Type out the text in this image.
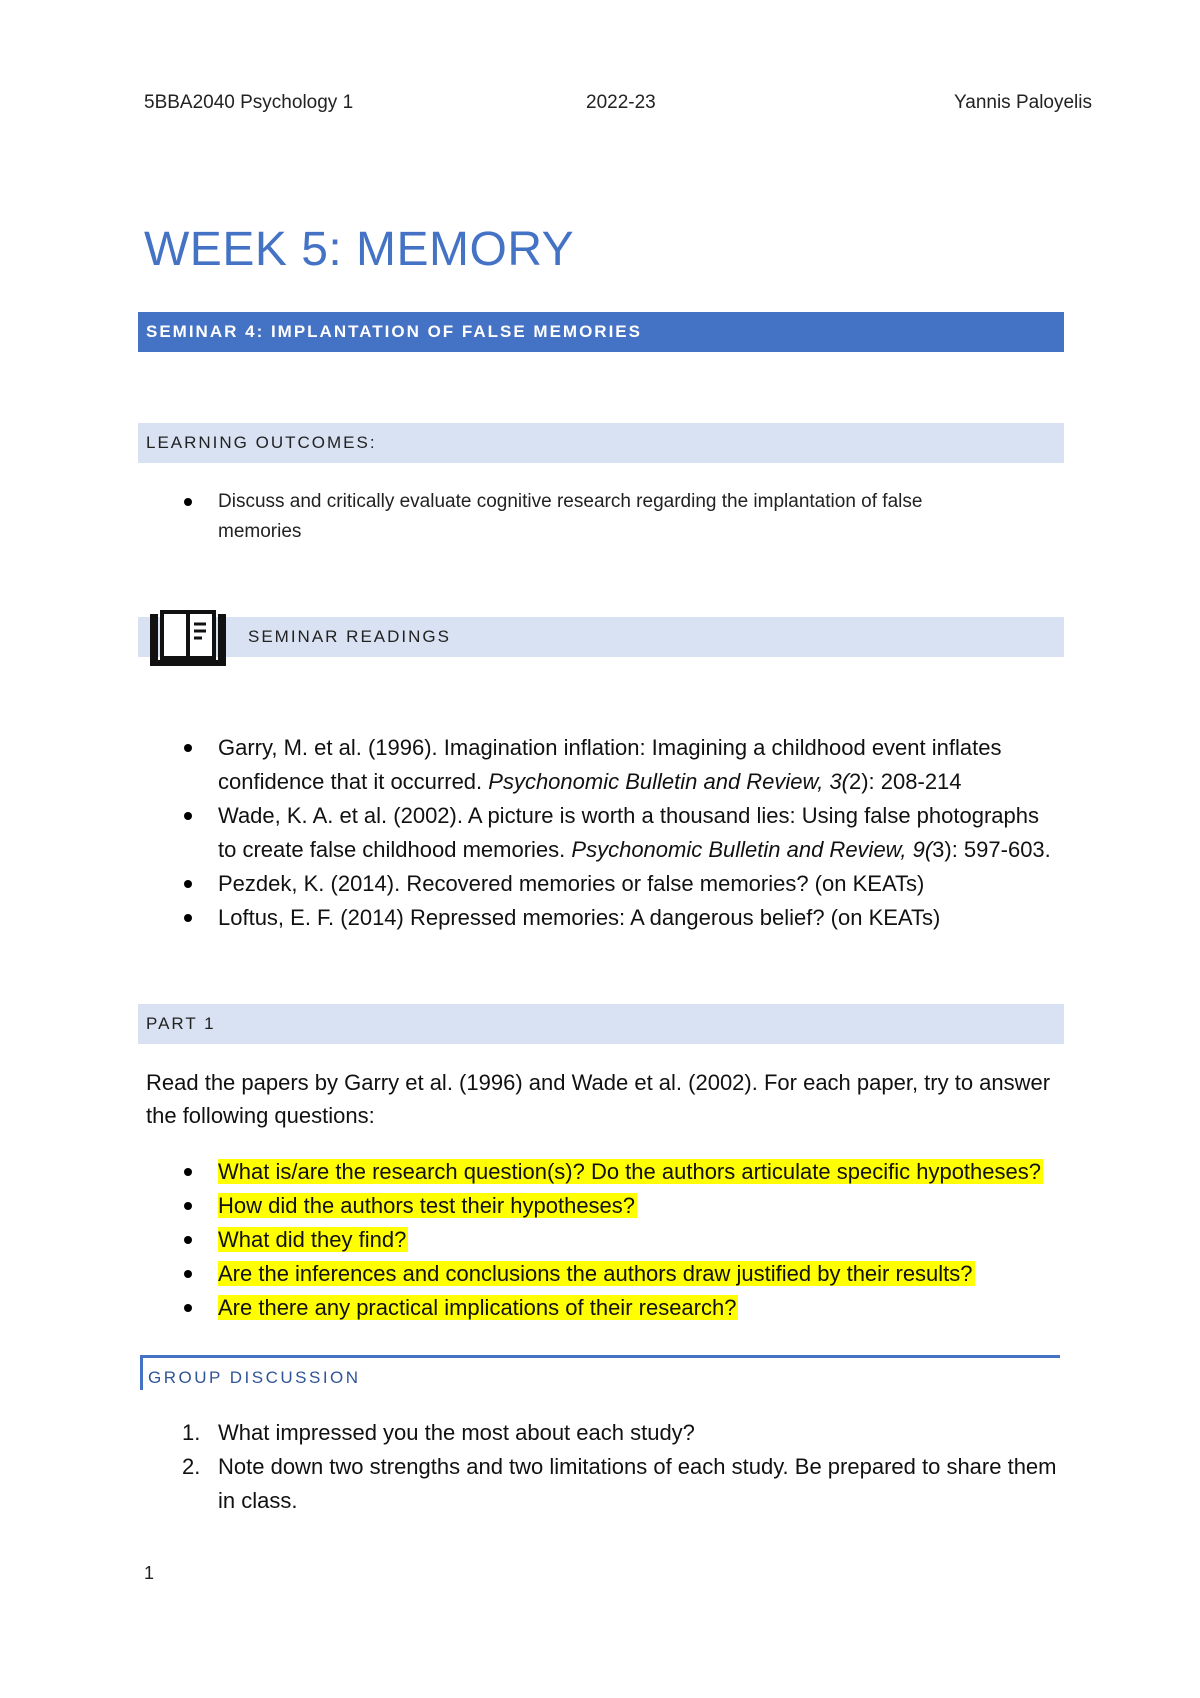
5BBA2040 Psychology 1	2022-23	Yannis Paloyelis
WEEK 5: MEMORY
SEMINAR 4: IMPLANTATION OF FALSE MEMORIES
LEARNING OUTCOMES:
Discuss and critically evaluate cognitive research regarding the implantation of false memories
SEMINAR READINGS
Garry, M. et al. (1996). Imagination inflation: Imagining a childhood event inflates confidence that it occurred. Psychonomic Bulletin and Review, 3(2): 208-214
Wade, K. A. et al. (2002). A picture is worth a thousand lies: Using false photographs to create false childhood memories. Psychonomic Bulletin and Review, 9(3): 597-603.
Pezdek, K. (2014). Recovered memories or false memories? (on KEATs)
Loftus, E. F. (2014) Repressed memories: A dangerous belief? (on KEATs)
PART 1

Read the papers by Garry et al. (1996) and Wade et al. (2002). For each paper, try to answer the following questions:

What is/are the research question(s)? Do the authors articulate specific hypotheses?
How did the authors test their hypotheses?
What did they find?
Are the inferences and conclusions the authors draw justified by their results?
Are there any practical implications of their research?
GROUP DISCUSSION
1. What impressed you the most about each study?
2. Note down two strengths and two limitations of each study. Be prepared to share them in class.
1
